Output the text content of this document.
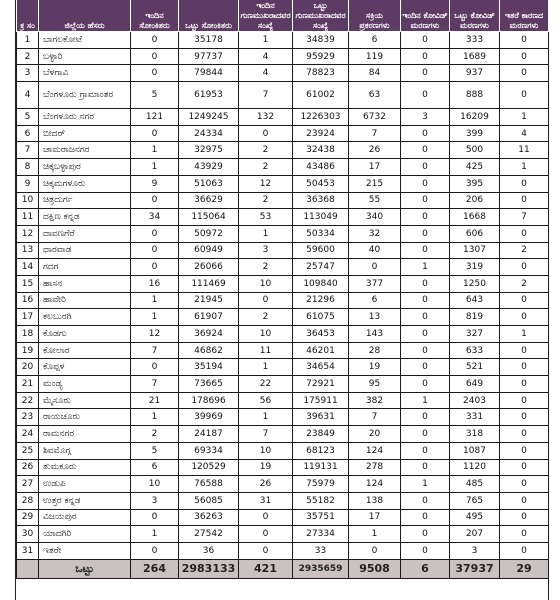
ಕ್ರ ಸಂ	ಜಿಲ್ಲೆಯ ಹೆಸರು	ಇಂದಿನ ಸೋಂಕಿತರು	ಒಟ್ಟು ಸೋಂಕಿತರು	ಇಂದಿನ ಗುಣಮುಖರಾದವರ ಸಂಖ್ಯೆ	ಒಟ್ಟು ಗುಣಮುಖರಾದವರ ಸಂಖ್ಯೆ	ಸಕ್ರಿಯ ಪ್ರಕರಣಗಳು	ಇಂದಿನ ಕೋವಿಡ್ ಮರಣಗಳು	ಒಟ್ಟು ಕೋವಿಡ್ ಮರಣಗಳು	ಇತರೆ ಕಾರಣದ ಮರಣಗಳು

1	ಬಾಗಲಕೋಟೆ	0	35178	1	34839	6	0	333	0
2	ಬಳ್ಳಾರಿ	0	97737	4	95929	119	0	1689	0
3	ಬೆಳಗಾವಿ	0	79844	4	78823	84	0	937	0
4	ಬೆಂಗಳೂರು ಗ್ರಾಮಾಂತರ	5	61953	7	61002	63	0	888	0
5	ಬೆಂಗಳೂರು ನಗರ	121	1249245	132	1226303	6732	3	16209	1
6	ಬೀದರ್	0	24334	0	23924	7	0	399	4
7	ಚಾಮರಾಜನಗರ	1	32975	2	32438	26	0	500	11
8	ಚಿಕ್ಕಬಳ್ಳಾಪುರ	1	43929	2	43486	17	0	425	1
9	ಚಿಕ್ಕಮಗಳೂರು	9	51063	12	50453	215	0	395	0
10	ಚಿತ್ರದುರ್ಗ	0	36629	2	36368	55	0	206	0
11	ದಕ್ಷಿಣ ಕನ್ನಡ	34	115064	53	113049	340	0	1668	7
12	ದಾವಣಗೆರೆ	0	50972	1	50334	32	0	606	0
13	ಧಾರವಾಡ	0	60949	3	59600	40	0	1307	2
14	ಗದಗ	0	26066	2	25747	0	1	319	0
15	ಹಾಸನ	16	111469	10	109840	377	0	1250	2
16	ಹಾವೇರಿ	1	21945	0	21296	6	0	643	0
17	ಕಲಬುರಗಿ	1	61907	2	61075	13	0	819	0
18	ಕೊಡಗು	12	36924	10	36453	143	0	327	1
19	ಕೋಲಾರ	7	46862	11	46201	28	0	633	0
20	ಕೊಪ್ಪಳ	0	35194	1	34654	19	0	521	0
21	ಮಂಡ್ಯ	7	73665	22	72921	95	0	649	0
22	ಮೈಸೂರು	21	178696	56	175911	382	1	2403	0
23	ರಾಯಚೂರು	1	39969	1	39631	7	0	331	0
24	ರಾಮನಗರ	2	24187	7	23849	20	0	318	0
25	ಶಿವಮೊಗ್ಗ	5	69334	10	68123	124	0	1087	0
26	ತುಮಕೂರು	6	120529	19	119131	278	0	1120	0
27	ಉಡುಪಿ	10	76588	26	75979	124	1	485	0
28	ಉತ್ತರ ಕನ್ನಡ	3	56085	31	55182	138	0	765	0
29	ವಿಜಯಪುರ	0	36263	0	35751	17	0	495	0
30	ಯಾದಗಿರಿ	1	27542	0	27334	1	0	207	0
31	ಇತರೇ	0	36	0	33	0	0	3	0
	ಒಟ್ಟು	264	2983133	421	2935659	9508	6	37937	29
